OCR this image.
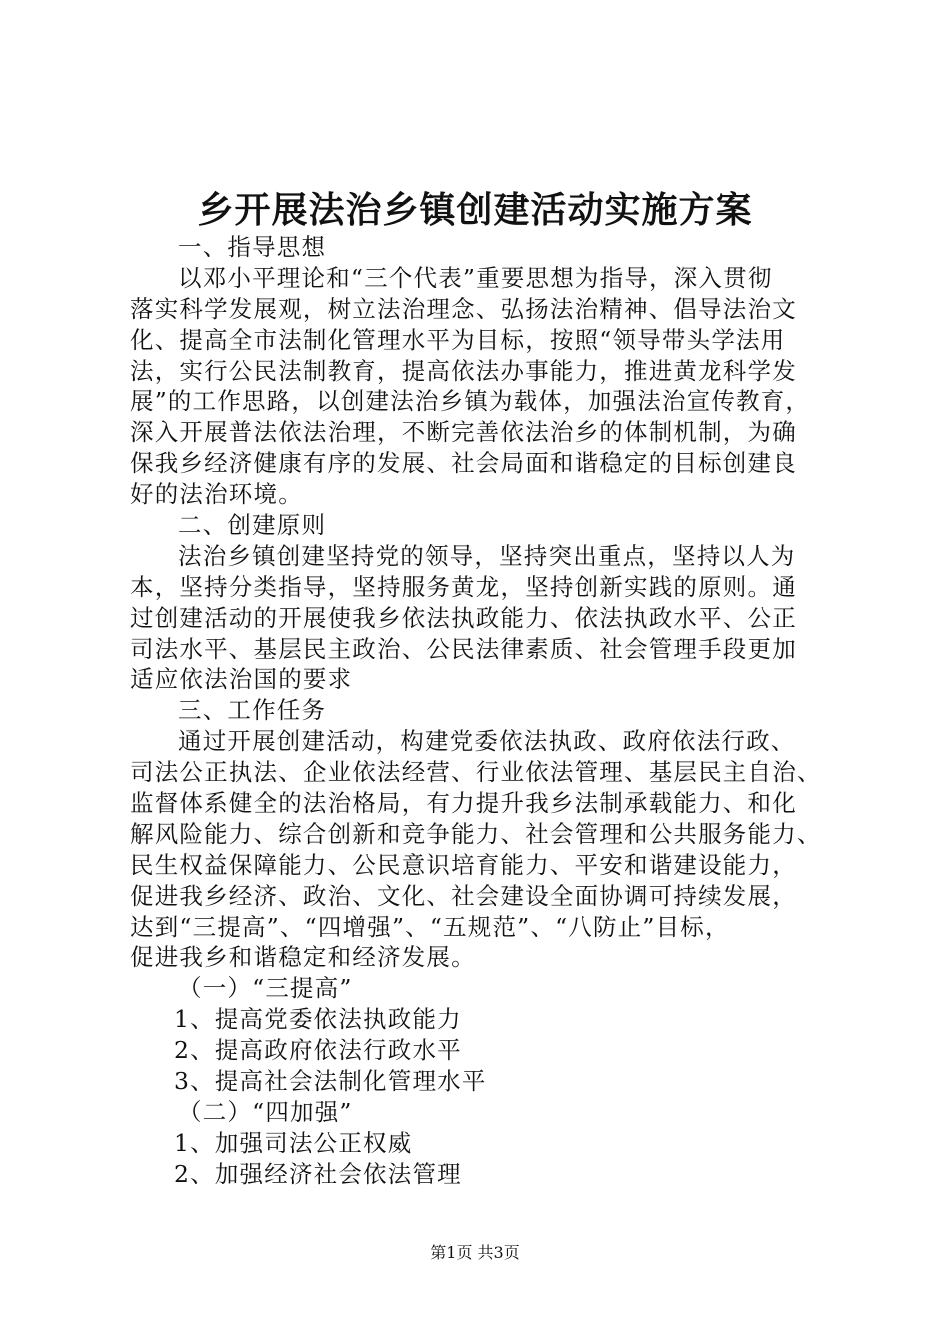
乡开展法治乡镇创建活动实施方案
一、指导思想
以邓小平理论和“三个代表”重要思想为指导，深入贯彻
落实科学发展观，树立法治理念、弘扬法治精神、倡导法治文
化、提高全市法制化管理水平为目标，按照“领导带头学法用
法，实行公民法制教育，提高依法办事能力，推进黄龙科学发
展”的工作思路，以创建法治乡镇为载体，加强法治宣传教育，
深入开展普法依法治理，不断完善依法治乡的体制机制，为确
保我乡经济健康有序的发展、社会局面和谐稳定的目标创建良
好的法治环境。
二、创建原则
法治乡镇创建坚持党的领导，坚持突出重点，坚持以人为
本，坚持分类指导，坚持服务黄龙，坚持创新实践的原则。通
过创建活动的开展使我乡依法执政能力、依法执政水平、公正
司法水平、基层民主政治、公民法律素质、社会管理手段更加
适应依法治国的要求
三、工作任务
通过开展创建活动，构建党委依法执政、政府依法行政、
司法公正执法、企业依法经营、行业依法管理、基层民主自治、
监督体系健全的法治格局，有力提升我乡法制承载能力、和化
解风险能力、综合创新和竞争能力、社会管理和公共服务能力、
民生权益保障能力、公民意识培育能力、平安和谐建设能力，
促进我乡经济、政治、文化、社会建设全面协调可持续发展，
达到“三提高”、“四增强”、“五规范”、“八防止”目标，
促进我乡和谐稳定和经济发展。
（一）“三提高”
1、提高党委依法执政能力
2、提高政府依法行政水平
3、提高社会法制化管理水平
（二）“四加强”
1、加强司法公正权威
2、加强经济社会依法管理
第1页 共3页
